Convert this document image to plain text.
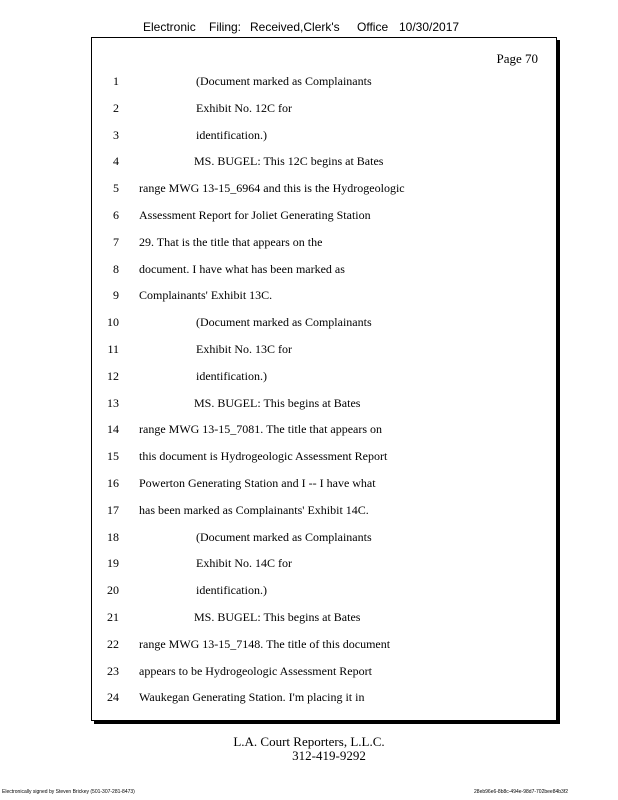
Electronic

Filing:

Received,Clerk's

Office

10/30/2017

Page 70
1	(Document marked as Complainants
2	Exhibit No. 12C for
3	identification.)
4	MS. BUGEL: This 12C begins at Bates
5 range MWG 13-15_6964 and this is the Hydrogeologic
6 Assessment Report for Joliet Generating Station
7 29. That is the title that appears on the
8 document. I have what has been marked as
9 Complainants' Exhibit 13C.
10	(Document marked as Complainants
11	Exhibit No. 13C for
12	identification.)
13	MS. BUGEL: This begins at Bates
14 range MWG 13-15_7081. The title that appears on
15 this document is Hydrogeologic Assessment Report
16 Powerton Generating Station and I -- I have what
17 has been marked as Complainants' Exhibit 14C.
18	(Document marked as Complainants
19	Exhibit No. 14C for
20	identification.)
21	MS. BUGEL: This begins at Bates
22 range MWG 13-15_7148. The title of this document
23 appears to be Hydrogeologic Assessment Report
24 Waukegan Generating Station. I'm placing it in
L.A. Court Reporters, L.L.C.
312-419-9292
Electronically signed by Steven Brickey (501-307-281-8473)	28eb96e6-8b8c-494e-98d7-702bee84b3f2
